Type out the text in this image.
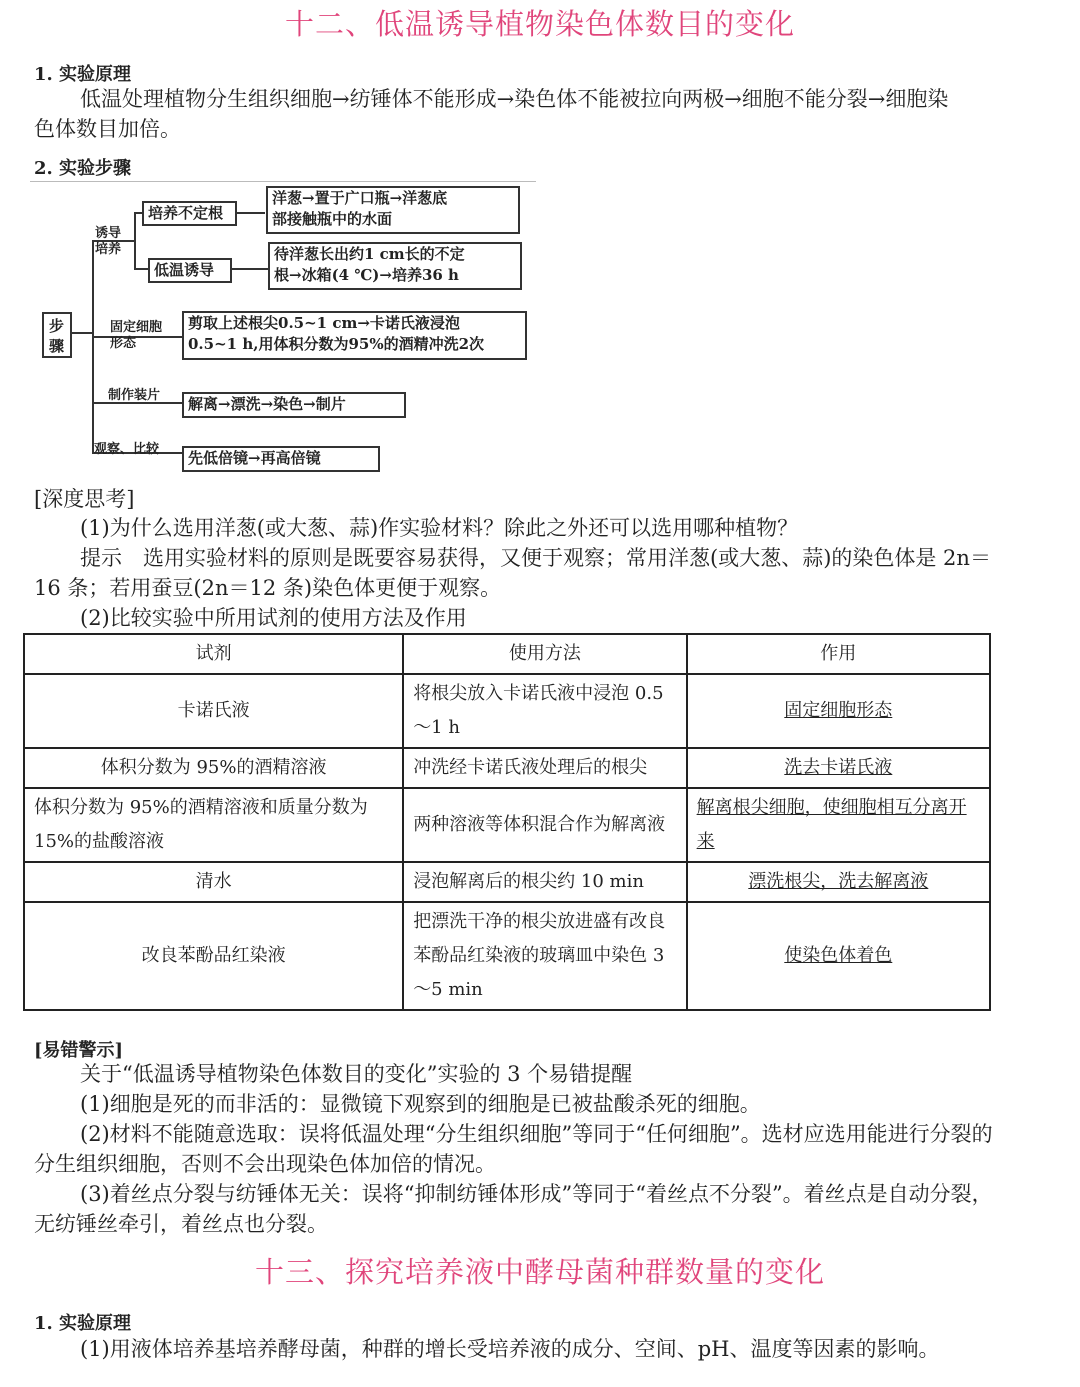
十二、低温诱导植物染色体数目的变化
1. 实验原理
低温处理植物分生组织细胞→纺锤体不能形成→染色体不能被拉向两极→细胞不能分裂→细胞染
色体数目加倍。
2. 实验步骤
步骤
诱导培养
培养不定根
洋葱→置于广口瓶→洋葱底
部接触瓶中的水面
低温诱导
待洋葱长出约1 cm长的不定
根→冰箱(4 ℃)→培养36 h
固定细胞形态
剪取上述根尖0.5~1 cm→卡诺氏液浸泡
0.5~1 h,用体积分数为95%的酒精冲洗2次
制作装片	解离→漂洗→染色→制片
观察、比较	先低倍镜→再高倍镜
[深度思考]
(1)为什么选用洋葱(或大葱、蒜)作实验材料？除此之外还可以选用哪种植物？
提示　选用实验材料的原则是既要容易获得，又便于观察；常用洋葱(或大葱、蒜)的染色体是 2n＝
16 条；若用蚕豆(2n＝12 条)染色体更便于观察。
(2)比较实验中所用试剂的使用方法及作用
试剂	使用方法	作用
卡诺氏液	将根尖放入卡诺氏液中浸泡 0.5～1 h	固定细胞形态
体积分数为 95%的酒精溶液	冲洗经卡诺氏液处理后的根尖	洗去卡诺氏液
体积分数为 95%的酒精溶液和质量分数为 15%的盐酸溶液	两种溶液等体积混合作为解离液	解离根尖细胞，使细胞相互分离开来
清水	浸泡解离后的根尖约 10 min	漂洗根尖，洗去解离液
改良苯酚品红染液	把漂洗干净的根尖放进盛有改良苯酚品红染液的玻璃皿中染色 3～5 min	使染色体着色
[易错警示]
关于“低温诱导植物染色体数目的变化”实验的 3 个易错提醒
(1)细胞是死的而非活的：显微镜下观察到的细胞是已被盐酸杀死的细胞。
(2)材料不能随意选取：误将低温处理“分生组织细胞”等同于“任何细胞”。选材应选用能进行分裂的
分生组织细胞，否则不会出现染色体加倍的情况。
(3)着丝点分裂与纺锤体无关：误将“抑制纺锤体形成”等同于“着丝点不分裂”。着丝点是自动分裂，
无纺锤丝牵引，着丝点也分裂。
十三、探究培养液中酵母菌种群数量的变化
1. 实验原理
(1)用液体培养基培养酵母菌，种群的增长受培养液的成分、空间、pH、温度等因素的影响。
